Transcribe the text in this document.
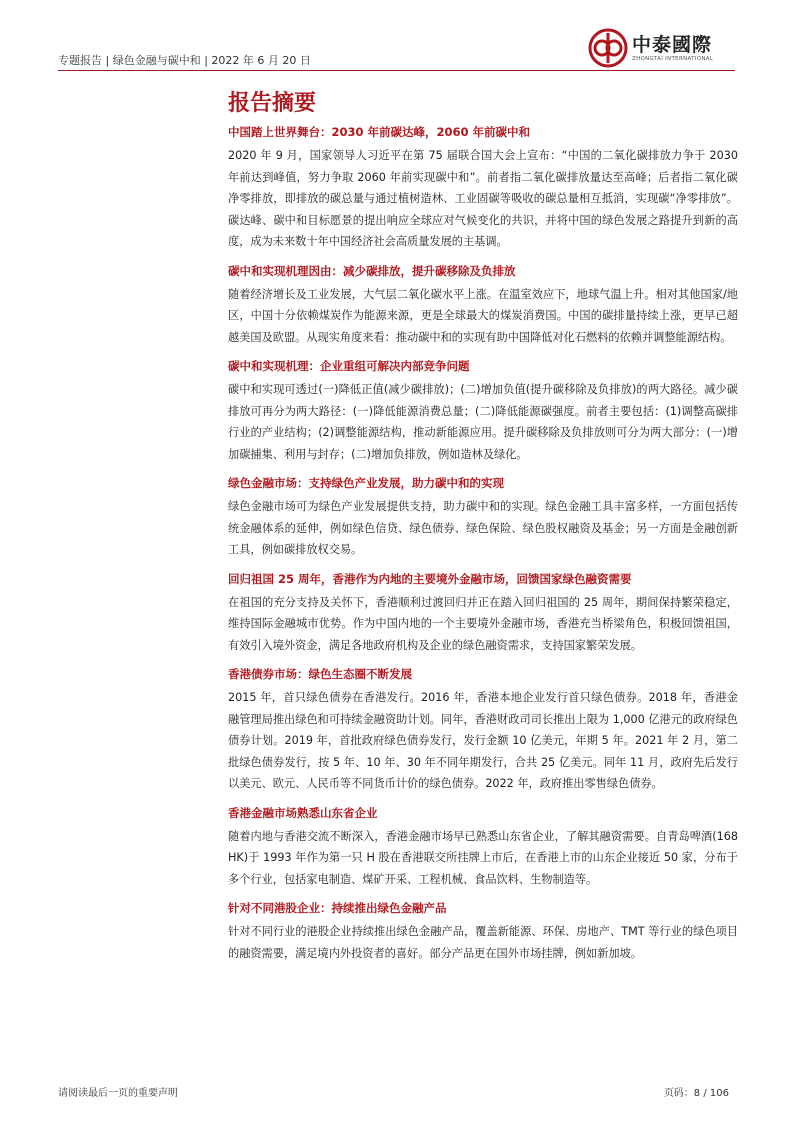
专题报告 | 绿色金融与碳中和 | 2022 年 6 月 20 日
中泰國際
ZHONGTAI INTERNATIONAL
报告摘要
中国踏上世界舞台：2030 年前碳达峰，2060 年前碳中和
2020 年 9 月，国家领导人习近平在第 75 届联合国大会上宣布：“中国的二氧化碳排放力争于 2030 年前达到峰值，努力争取 2060 年前实现碳中和”。前者指二氧化碳排放量达至高峰；后者指二氧化碳净零排放，即排放的碳总量与通过植树造林、工业固碳等吸收的碳总量相互抵消，实现碳“净零排放”。碳达峰、碳中和目标愿景的提出响应全球应对气候变化的共识，并将中国的绿色发展之路提升到新的高度，成为未来数十年中国经济社会高质量发展的主基调。
碳中和实现机理因由：减少碳排放，提升碳移除及负排放
随着经济增长及工业发展，大气层二氧化碳水平上涨。在温室效应下，地球气温上升。相对其他国家/地区，中国十分依赖煤炭作为能源来源，更是全球最大的煤炭消费国。中国的碳排量持续上涨，更早已超越美国及欧盟。从现实角度来看：推动碳中和的实现有助中国降低对化石燃料的依赖并调整能源结构。
碳中和实现机理：企业重组可解决内部竞争问题
碳中和实现可透过(一)降低正值(减少碳排放)；(二)增加负值(提升碳移除及负排放)的两大路径。减少碳排放可再分为两大路径：(一)降低能源消费总量；(二)降低能源碳强度。前者主要包括：(1)调整高碳排行业的产业结构；(2)调整能源结构，推动新能源应用。提升碳移除及负排放则可分为两大部分：(一)增加碳捕集、利用与封存；(二)增加负排放，例如造林及绿化。
绿色金融市场：支持绿色产业发展，助力碳中和的实现
绿色金融市场可为绿色产业发展提供支持，助力碳中和的实现。绿色金融工具丰富多样，一方面包括传统金融体系的延伸，例如绿色信贷、绿色债券、绿色保险、绿色股权融资及基金；另一方面是金融创新工具，例如碳排放权交易。
回归祖国 25 周年，香港作为内地的主要境外金融市场，回馈国家绿色融资需要
在祖国的充分支持及关怀下，香港顺利过渡回归并正在踏入回归祖国的 25 周年，期间保持繁荣稳定，维持国际金融城市优势。作为中国内地的一个主要境外金融市场，香港充当桥梁角色，积极回馈祖国，有效引入境外资金，满足各地政府机构及企业的绿色融资需求，支持国家繁荣发展。
香港债券市场：绿色生态圈不断发展
2015 年，首只绿色债券在香港发行。2016 年，香港本地企业发行首只绿色债券。2018 年，香港金融管理局推出绿色和可持续金融资助计划。同年，香港财政司司长推出上限为 1,000 亿港元的政府绿色债券计划。2019 年，首批政府绿色债券发行，发行金额 10 亿美元，年期 5 年。2021 年 2 月，第二批绿色债券发行，按 5 年、10 年、30 年不同年期发行，合共 25 亿美元。同年 11 月，政府先后发行以美元、欧元、人民币等不同货币计价的绿色债券。2022 年，政府推出零售绿色债券。
香港金融市场熟悉山东省企业
随着内地与香港交流不断深入，香港金融市场早已熟悉山东省企业，了解其融资需要。自青岛啤酒(168 HK)于 1993 年作为第一只 H 股在香港联交所挂牌上市后，在香港上市的山东企业接近 50 家，分布于多个行业，包括家电制造、煤矿开采、工程机械、食品饮料、生物制造等。
针对不同港股企业：持续推出绿色金融产品
针对不同行业的港股企业持续推出绿色金融产品，覆盖新能源、环保、房地产、TMT 等行业的绿色项目的融资需要，满足境内外投资者的喜好。部分产品更在国外市场挂牌，例如新加坡。
请阅读最后一页的重要声明	页码：8 / 106
